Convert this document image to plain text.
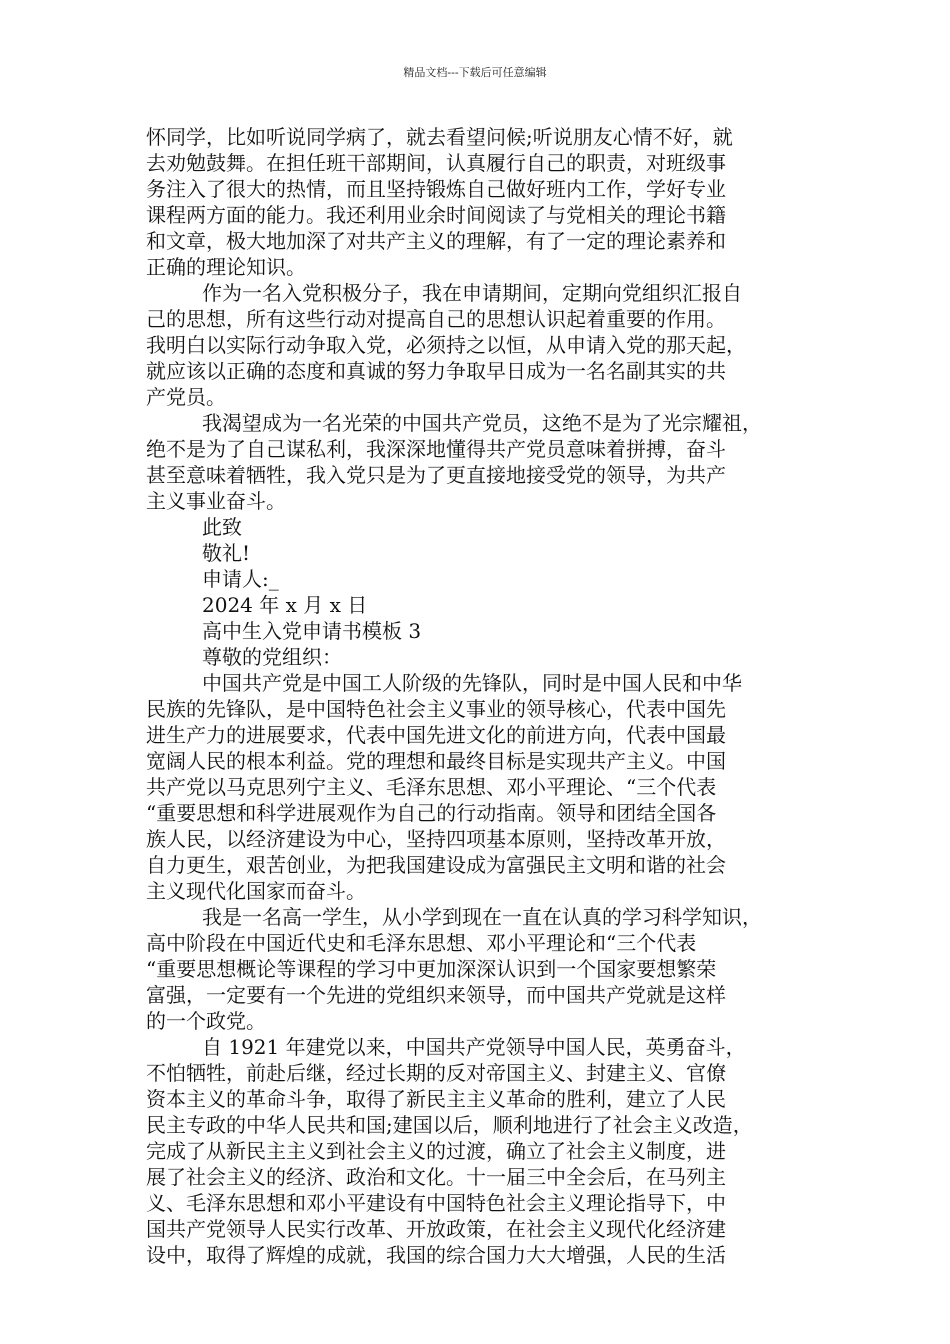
精品文档---下载后可任意编辑

怀同学，比如听说同学病了，就去看望问候;听说朋友心情不好，就
去劝勉鼓舞。在担任班干部期间，认真履行自己的职责，对班级事
务注入了很大的热情，而且坚持锻炼自己做好班内工作，学好专业
课程两方面的能力。我还利用业余时间阅读了与党相关的理论书籍
和文章，极大地加深了对共产主义的理解，有了一定的理论素养和
正确的理论知识。

作为一名入党积极分子，我在申请期间，定期向党组织汇报自
己的思想，所有这些行动对提高自己的思想认识起着重要的作用。
我明白以实际行动争取入党，必须持之以恒，从申请入党的那天起，
就应该以正确的态度和真诚的努力争取早日成为一名名副其实的共
产党员。

我渴望成为一名光荣的中国共产党员，这绝不是为了光宗耀祖，
绝不是为了自己谋私利，我深深地懂得共产党员意味着拼搏，奋斗
甚至意味着牺牲，我入党只是为了更直接地接受党的领导，为共产
主义事业奋斗。

此致

敬礼!

申请人:_

2024 年 x 月 x 日

高中生入党申请书模板 3

尊敬的党组织：

中国共产党是中国工人阶级的先锋队，同时是中国人民和中华
民族的先锋队，是中国特色社会主义事业的领导核心，代表中国先
进生产力的进展要求，代表中国先进文化的前进方向，代表中国最
宽阔人民的根本利益。党的理想和最终目标是实现共产主义。中国
共产党以马克思列宁主义、毛泽东思想、邓小平理论、“三个代表
“重要思想和科学进展观作为自己的行动指南。领导和团结全国各
族人民，以经济建设为中心，坚持四项基本原则，坚持改革开放，
自力更生，艰苦创业，为把我国建设成为富强民主文明和谐的社会
主义现代化国家而奋斗。

我是一名高一学生，从小学到现在一直在认真的学习科学知识，
高中阶段在中国近代史和毛泽东思想、邓小平理论和“三个代表
“重要思想概论等课程的学习中更加深深认识到一个国家要想繁荣
富强，一定要有一个先进的党组织来领导，而中国共产党就是这样
的一个政党。

自 1921 年建党以来，中国共产党领导中国人民，英勇奋斗，
不怕牺牲，前赴后继，经过长期的反对帝国主义、封建主义、官僚
资本主义的革命斗争，取得了新民主主义革命的胜利，建立了人民
民主专政的中华人民共和国;建国以后，顺利地进行了社会主义改造，
完成了从新民主主义到社会主义的过渡，确立了社会主义制度，进
展了社会主义的经济、政治和文化。十一届三中全会后，在马列主
义、毛泽东思想和邓小平建设有中国特色社会主义理论指导下，中
国共产党领导人民实行改革、开放政策，在社会主义现代化经济建
设中，取得了辉煌的成就，我国的综合国力大大增强，人民的生活
